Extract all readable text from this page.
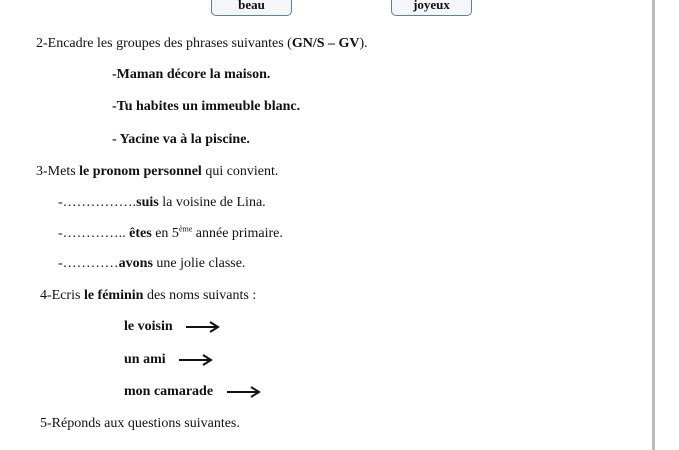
beau	joyeux
2-Encadre les groupes des phrases suivantes (GN/S – GV).
-Maman décore la maison.
-Tu habites un immeuble blanc.
- Yacine va à la piscine.
3-Mets le pronom personnel qui convient.
-…………….suis la voisine de Lina.
-………….. êtes en 5ème année primaire.
-…………avons une jolie classe.
4-Ecris le féminin des noms suivants :
le voisin
un ami
mon camarade
5-Réponds aux questions suivantes.
